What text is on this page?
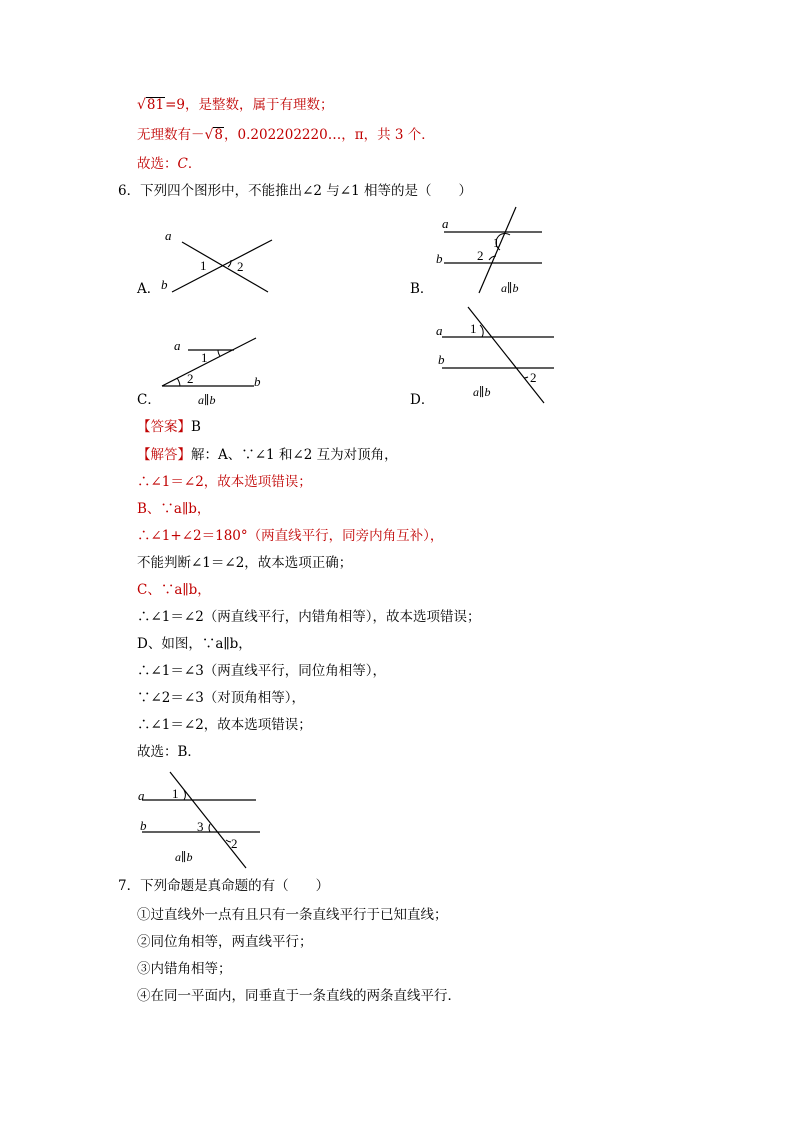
√81=9，是整数，属于有理数；
无理数有－√8，0.202202220…，π，共 3 个．
故选：C．
6．下列四个图形中，不能推出∠2 与∠1 相等的是（　　）
a
b
1 2
A．
a
b
1
2
a∥b
B．
a
b
1
2
a∥b
C．
a
b
1
2
a∥b
D．
【答案】B
【解答】解：A、∵∠1 和∠2 互为对顶角，
∴∠1＝∠2，故本选项错误；
B、∵a∥b，
∴∠1+∠2＝180°（两直线平行，同旁内角互补），
不能判断∠1＝∠2，故本选项正确；
C、∵a∥b，
∴∠1＝∠2（两直线平行，内错角相等），故本选项错误；
D、如图，∵a∥b，
∴∠1＝∠3（两直线平行，同位角相等），
∵∠2＝∠3（对顶角相等），
∴∠1＝∠2，故本选项错误；
故选：B．
a
b
1
3
2
a∥b
7．下列命题是真命题的有（　　）
①过直线外一点有且只有一条直线平行于已知直线；
②同位角相等，两直线平行；
③内错角相等；
④在同一平面内，同垂直于一条直线的两条直线平行．
